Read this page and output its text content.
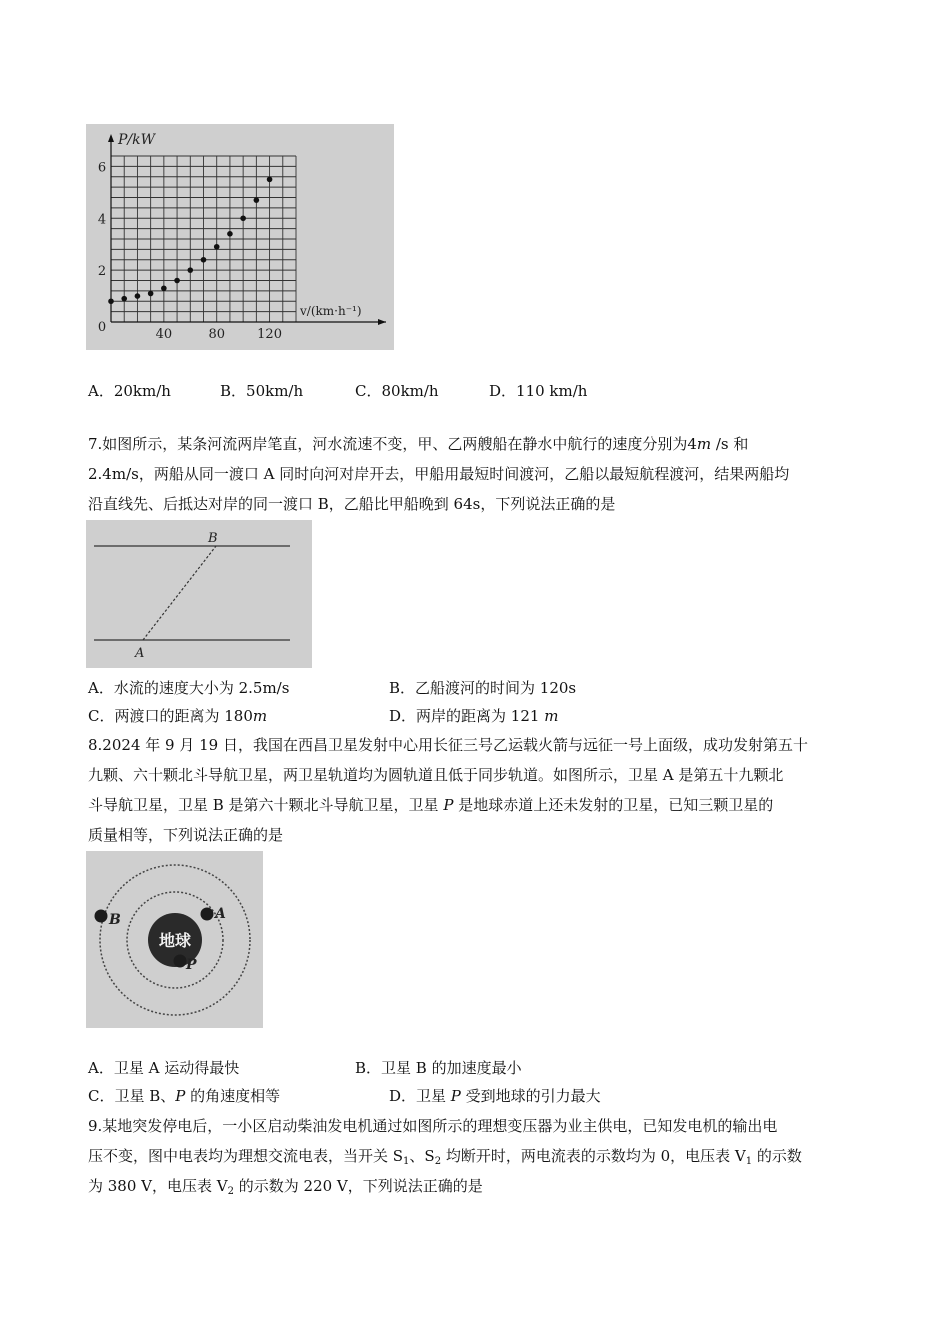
40	80 120
0
2
4
6
P/kW
v/(km·h⁻¹)
A．20km/h	B．50km/h	C．80km/h	D．110 km/h
7.如图所示，某条河流两岸笔直，河水流速不变，甲、乙两艘船在静水中航行的速度分别为4m /s 和
2.4m/s，两船从同一渡口 A 同时向河对岸开去，甲船用最短时间渡河，乙船以最短航程渡河，结果两船均
沿直线先、后抵达对岸的同一渡口 B，乙船比甲船晚到 64s，下列说法正确的是
B
A
A．水流的速度大小为 2.5m/s	B．乙船渡河的时间为 120s
C．两渡口的距离为 180m	D．两岸的距离为 121 m
8.2024 年 9 月 19 日，我国在西昌卫星发射中心用长征三号乙运载火箭与远征一号上面级，成功发射第五十
九颗、六十颗北斗导航卫星，两卫星轨道均为圆轨道且低于同步轨道。如图所示，卫星 A 是第五十九颗北
斗导航卫星，卫星 B 是第六十颗北斗导航卫星，卫星 P 是地球赤道上还未发射的卫星，已知三颗卫星的
质量相等，下列说法正确的是
地球
A
B
P
A．卫星 A 运动得最快	B．卫星 B 的加速度最小
C．卫星 B、P 的角速度相等	D．卫星 P 受到地球的引力最大
9.某地突发停电后，一小区启动柴油发电机通过如图所示的理想变压器为业主供电，已知发电机的输出电
压不变，图中电表均为理想交流电表，当开关 $S_1$、$S_2$ 均断开时，两电流表的示数均为 0，电压表 $V_1$ 的示数
为 380 V，电压表 $V_2$ 的示数为 220 V，下列说法正确的是
